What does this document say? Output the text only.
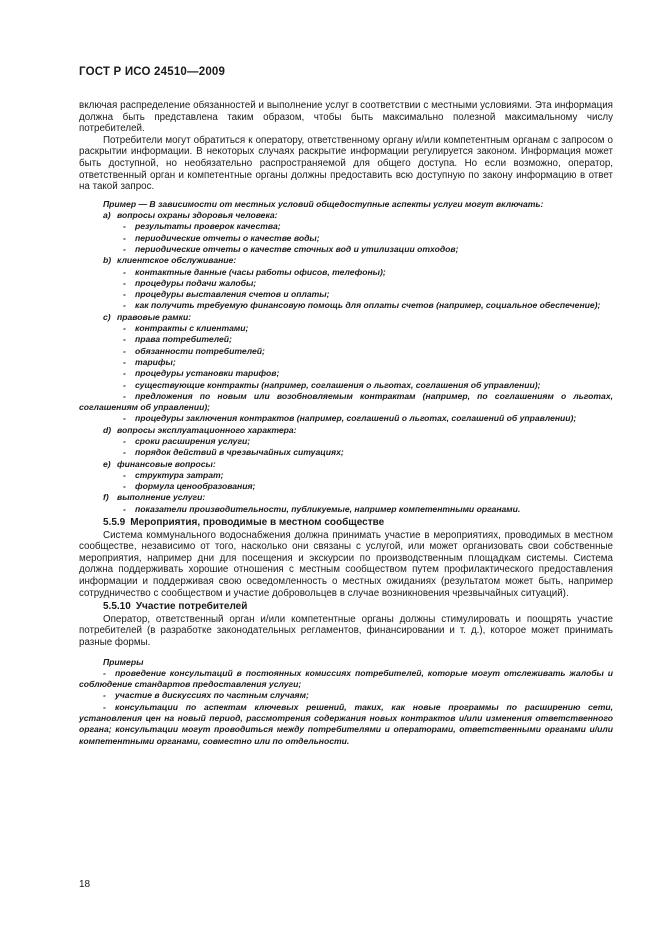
ГОСТ Р ИСО 24510—2009

включая распределение обязанностей и выполнение услуг в соответствии с местными условиями. Эта информация должна быть представлена таким образом, чтобы быть максимально полезной максимальному числу потребителей.

Потребители могут обратиться к оператору, ответственному органу и/или компетентным органам с запросом о раскрытии информации. В некоторых случаях раскрытие информации регулируется законом. Информация может быть доступной, но необязательно распространяемой для общего доступа. Но если возможно, оператор, ответственный орган и компетентные органы должны предоставить всю доступную по закону информацию в ответ на такой запрос.

Пример — В зависимости от местных условий общедоступные аспекты услуги могут включать:

а) вопросы охраны здоровья человека:

- результаты проверок качества;

- периодические отчеты о качестве воды;

- периодические отчеты о качестве сточных вод и утилизации отходов;

b) клиентское обслуживание:

- контактные данные (часы работы офисов, телефоны);

- процедуры подачи жалобы;

- процедуры выставления счетов и оплаты;

- как получить требуемую финансовую помощь для оплаты счетов (например, социальное обеспечение);

с) правовые рамки:

- контракты с клиентами;

- права потребителей;

- обязанности потребителей;

- тарифы;

- процедуры установки тарифов;

- существующие контракты (например, соглашения о льготах, соглашения об управлении);

- предложения по новым или возобновляемым контрактам (например, по соглашениям о льготах, соглашениям об управлении);

- процедуры заключения контрактов (например, соглашений о льготах, соглашений об управлении);

d) вопросы эксплуатационного характера:

- сроки расширения услуги;

- порядок действий в чрезвычайных ситуациях;

е) финансовые вопросы:

- структура затрат;

- формула ценообразования;

f) выполнение услуги:

- показатели производительности, публикуемые, например компетентными органами.

5.5.9 Мероприятия, проводимые в местном сообществе

Система коммунального водоснабжения должна принимать участие в мероприятиях, проводимых в местном сообществе, независимо от того, насколько они связаны с услугой, или может организовать свои собственные мероприятия, например дни для посещения и экскурсии по производственным площадкам системы. Система должна поддерживать хорошие отношения с местным сообществом путем профилактического предоставления информации и поддерживая свою осведомленность о местных ожиданиях (результатом может быть, например сотрудничество с сообществом и участие добровольцев в случае возникновения чрезвычайных ситуаций).

5.5.10 Участие потребителей

Оператор, ответственный орган и/или компетентные органы должны стимулировать и поощрять участие потребителей (в разработке законодательных регламентов, финансировании и т. д.), которое может принимать разные формы.

Примеры

- проведение консультаций в постоянных комиссиях потребителей, которые могут отслеживать жалобы и соблюдение стандартов предоставления услуги;

- участие в дискуссиях по частным случаям;

- консультации по аспектам ключевых решений, таких, как новые программы по расширению сети, установления цен на новый период, рассмотрения содержания новых контрактов и/или изменения ответственного органа; консультации могут проводиться между потребителями и операторами, ответственными органами и/или компетентными органами, совместно или по отдельности.

18
